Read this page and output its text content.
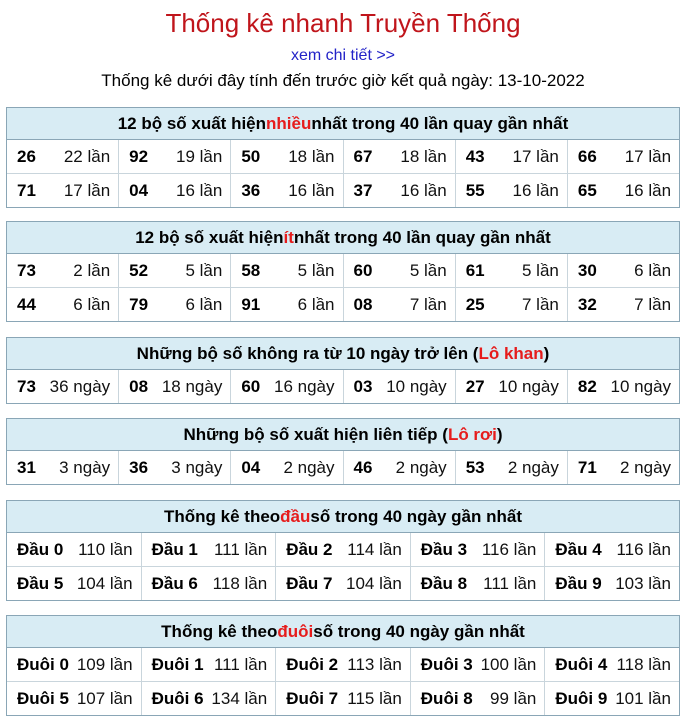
Thống kê nhanh Truyền Thống
xem chi tiết >>
Thống kê dưới đây tính đến trước giờ kết quả ngày: 13-10-2022
12 bộ số xuất hiện nhiều nhất trong 40 lần quay gần nhất
26 22 lần 92 19 lần 50 18 lần 67 18 lần 43 17 lần 66 17 lần
71 17 lần 04 16 lần 36 16 lần 37 16 lần 55 16 lần 65 16 lần
12 bộ số xuất hiện ít nhất trong 40 lần quay gần nhất
73 2 lần 52 5 lần 58 5 lần 60 5 lần 61 5 lần 30 6 lần
44 6 lần 79 6 lần 91 6 lần 08 7 lần 25 7 lần 32 7 lần
Những bộ số không ra từ 10 ngày trở lên ( Lô khan )
73 36 ngày 08 18 ngày 60 16 ngày 03 10 ngày 27 10 ngày 82 10 ngày
Những bộ số xuất hiện liên tiếp ( Lô rơi )
31 3 ngày 36 3 ngày 04 2 ngày 46 2 ngày 53 2 ngày 71 2 ngày
Thống kê theo đầu số trong 40 ngày gần nhất
Đầu 0 110 lần Đầu 1 111 lần Đầu 2 114 lần Đầu 3 116 lần Đầu 4 116 lần
Đầu 5 104 lần Đầu 6 118 lần Đầu 7 104 lần Đầu 8 111 lần Đầu 9 103 lần
Thống kê theo đuôi số trong 40 ngày gần nhất
Đuôi 0 109 lần Đuôi 1 111 lần Đuôi 2 113 lần Đuôi 3 100 lần Đuôi 4 118 lần
Đuôi 5 107 lần Đuôi 6 134 lần Đuôi 7 115 lần Đuôi 8 99 lần Đuôi 9 101 lần
